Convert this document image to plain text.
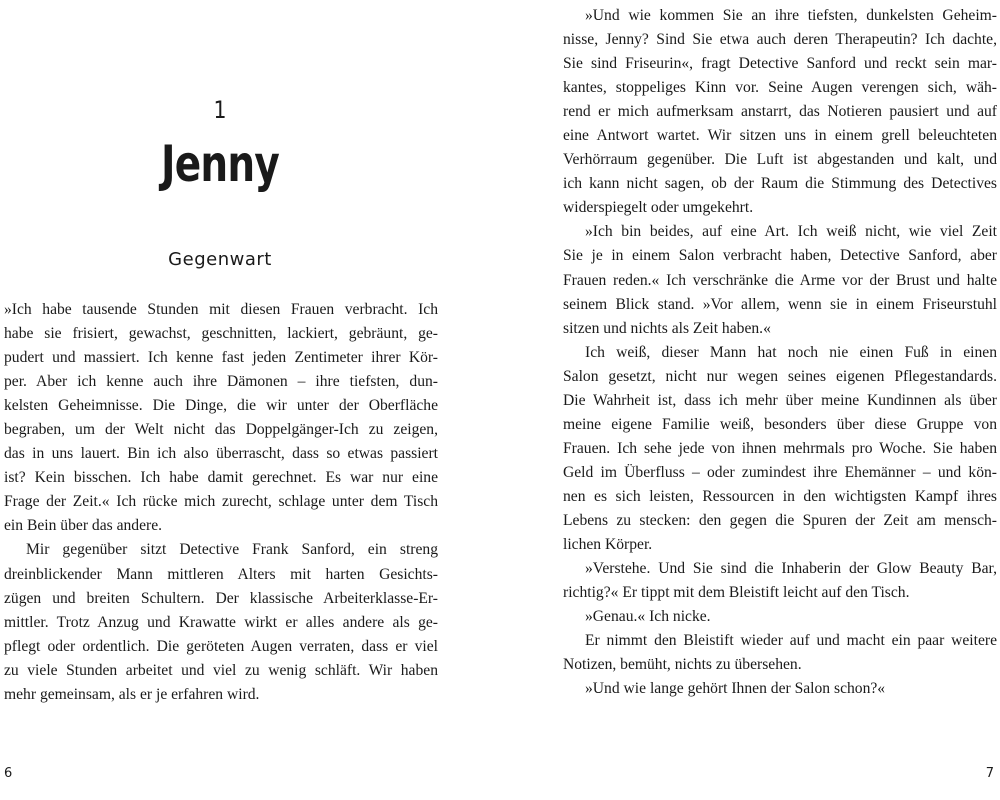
1
Jenny
Gegenwart
»Ich habe tausende Stunden mit diesen Frauen verbracht. Ich
habe sie frisiert, gewachst, geschnitten, lackiert, gebräunt, ge-
pudert und massiert. Ich kenne fast jeden Zentimeter ihrer Kör-
per. Aber ich kenne auch ihre Dämonen – ihre tiefsten, dun-
kelsten Geheimnisse. Die Dinge, die wir unter der Oberfläche
begraben, um der Welt nicht das Doppelgänger-Ich zu zeigen,
das in uns lauert. Bin ich also überrascht, dass so etwas passiert
ist? Kein bisschen. Ich habe damit gerechnet. Es war nur eine
Frage der Zeit.« Ich rücke mich zurecht, schlage unter dem Tisch
ein Bein über das andere.
Mir gegenüber sitzt Detective Frank Sanford, ein streng
dreinblickender Mann mittleren Alters mit harten Gesichts-
zügen und breiten Schultern. Der klassische Arbeiterklasse-Er-
mittler. Trotz Anzug und Krawatte wirkt er alles andere als ge-
pflegt oder ordentlich. Die geröteten Augen verraten, dass er viel
zu viele Stunden arbeitet und viel zu wenig schläft. Wir haben
mehr gemeinsam, als er je erfahren wird.
6
»Und wie kommen Sie an ihre tiefsten, dunkelsten Geheim-
nisse, Jenny? Sind Sie etwa auch deren Therapeutin? Ich dachte,
Sie sind Friseurin«, fragt Detective Sanford und reckt sein mar-
kantes, stoppeliges Kinn vor. Seine Augen verengen sich, wäh-
rend er mich aufmerksam anstarrt, das Notieren pausiert und auf
eine Antwort wartet. Wir sitzen uns in einem grell beleuchteten
Verhörraum gegenüber. Die Luft ist abgestanden und kalt, und
ich kann nicht sagen, ob der Raum die Stimmung des Detectives
widerspiegelt oder umgekehrt.
»Ich bin beides, auf eine Art. Ich weiß nicht, wie viel Zeit
Sie je in einem Salon verbracht haben, Detective Sanford, aber
Frauen reden.« Ich verschränke die Arme vor der Brust und halte
seinem Blick stand. »Vor allem, wenn sie in einem Friseurstuhl
sitzen und nichts als Zeit haben.«
Ich weiß, dieser Mann hat noch nie einen Fuß in einen
Salon gesetzt, nicht nur wegen seines eigenen Pflegestandards.
Die Wahrheit ist, dass ich mehr über meine Kundinnen als über
meine eigene Familie weiß, besonders über diese Gruppe von
Frauen. Ich sehe jede von ihnen mehrmals pro Woche. Sie haben
Geld im Überfluss – oder zumindest ihre Ehemänner – und kön-
nen es sich leisten, Ressourcen in den wichtigsten Kampf ihres
Lebens zu stecken: den gegen die Spuren der Zeit am mensch-
lichen Körper.
»Verstehe. Und Sie sind die Inhaberin der Glow Beauty Bar,
richtig?« Er tippt mit dem Bleistift leicht auf den Tisch.
»Genau.« Ich nicke.
Er nimmt den Bleistift wieder auf und macht ein paar weitere
Notizen, bemüht, nichts zu übersehen.
»Und wie lange gehört Ihnen der Salon schon?«
7
